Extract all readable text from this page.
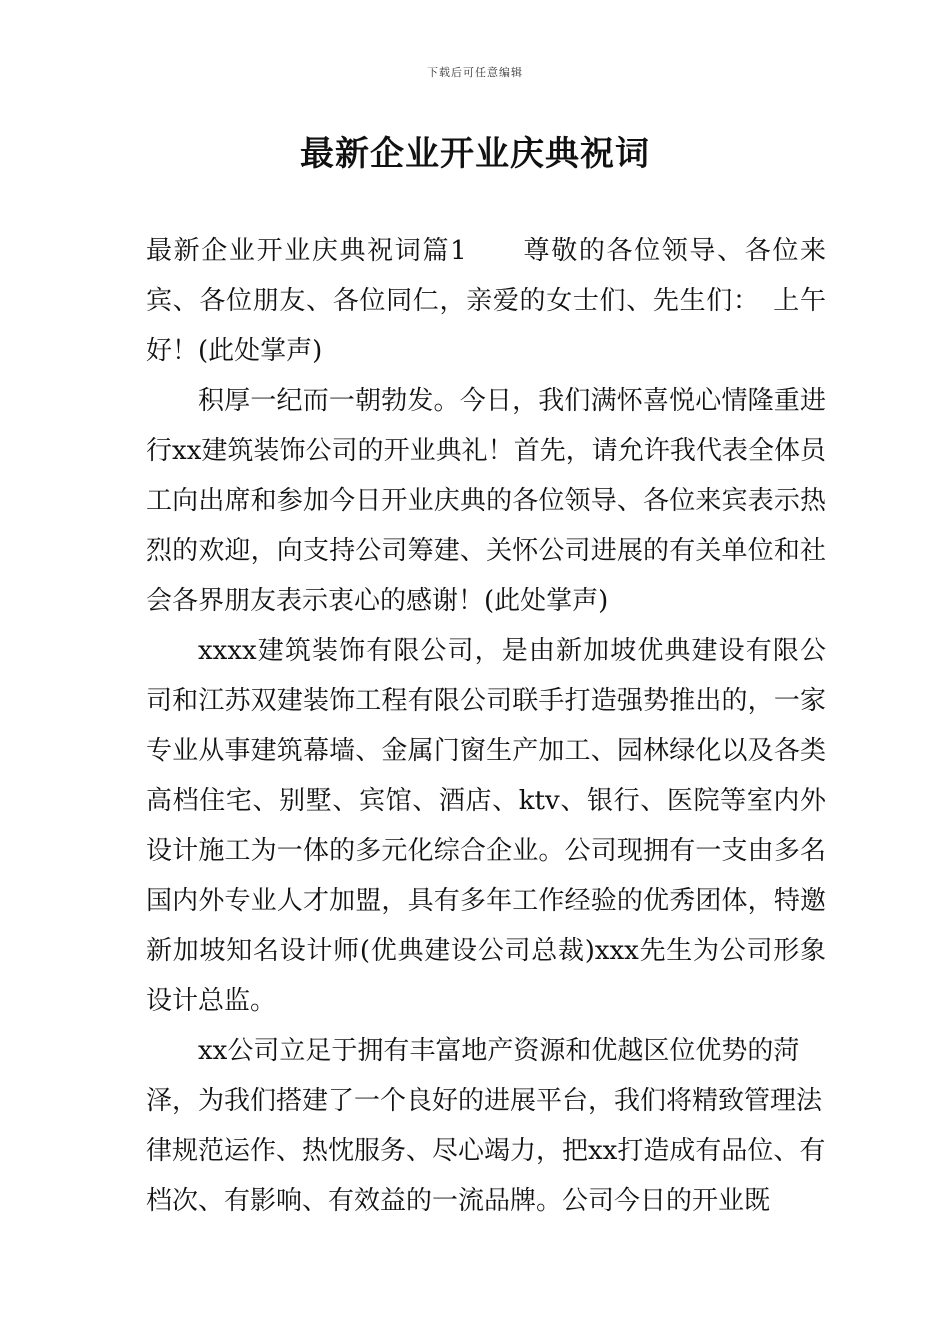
下载后可任意编辑
最新企业开业庆典祝词

最新企业开业庆典祝词篇1　　尊敬的各位领导、各位来宾、各位朋友、各位同仁，亲爱的女士们、先生们：　上午好！(此处掌声)

积厚一纪而一朝勃发。今日，我们满怀喜悦心情隆重进行xx建筑装饰公司的开业典礼！首先，请允许我代表全体员工向出席和参加今日开业庆典的各位领导、各位来宾表示热烈的欢迎，向支持公司筹建、关怀公司进展的有关单位和社会各界朋友表示衷心的感谢！(此处掌声)

xxxx建筑装饰有限公司，是由新加坡优典建设有限公司和江苏双建装饰工程有限公司联手打造强势推出的，一家专业从事建筑幕墙、金属门窗生产加工、园林绿化以及各类高档住宅、别墅、宾馆、酒店、ktv、银行、医院等室内外设计施工为一体的多元化综合企业。公司现拥有一支由多名国内外专业人才加盟，具有多年工作经验的优秀团体，特邀新加坡知名设计师(优典建设公司总裁)xxx先生为公司形象设计总监。

xx公司立足于拥有丰富地产资源和优越区位优势的菏泽，为我们搭建了一个良好的进展平台，我们将精致管理法律规范运作、热忱服务、尽心竭力，把xx打造成有品位、有档次、有影响、有效益的一流品牌。公司今日的开业既
